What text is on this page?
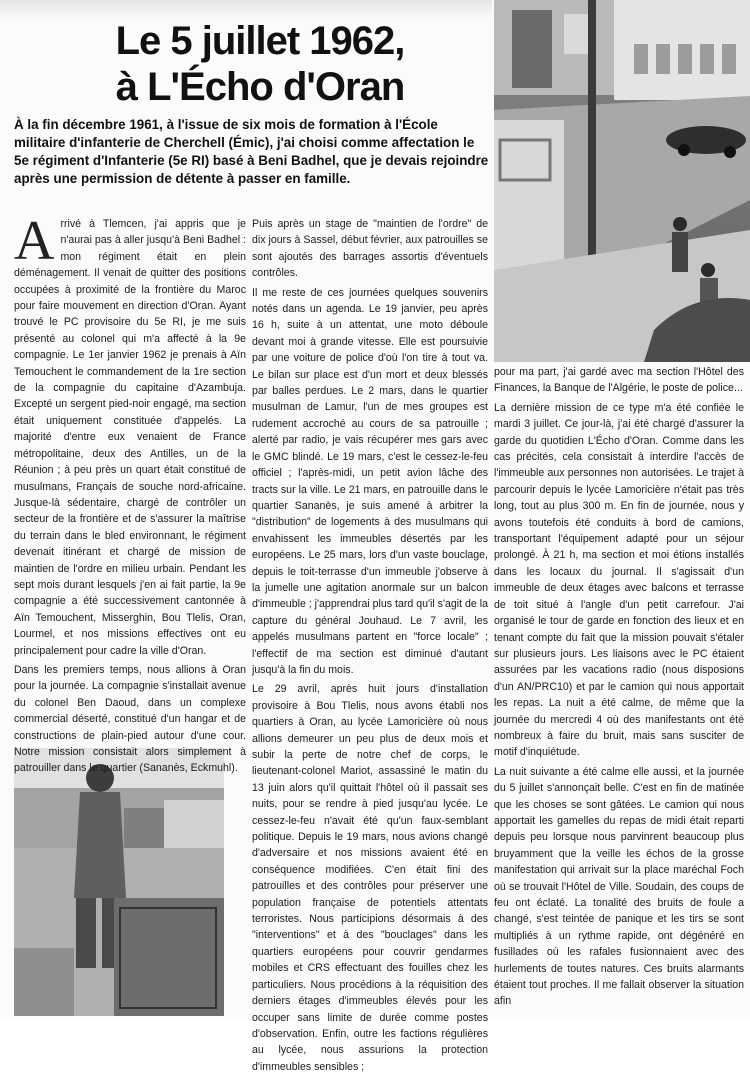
Le 5 juillet 1962,
à L'Écho d'Oran

À la fin décembre 1961, à l'issue de six mois de formation à l'École militaire d'infanterie de Cherchell (Émic), j'ai choisi comme affectation le 5e régiment d'Infanterie (5e RI) basé à Beni Badhel, que je devais rejoindre après une permission de détente à passer en famille.

A rrivé à Tlemcen, j'ai appris que je n'aurai pas à aller jusqu'à Beni Badhel : mon régiment était en plein déménagement. Il venait de quitter des positions occupées à proximité de la frontière du Maroc pour faire mouvement en direction d'Oran. Ayant trouvé le PC provisoire du 5e RI, je me suis présenté au colonel qui m'a affecté à la 9e compagnie. Le 1er janvier 1962 je prenais à Aïn Temouchent le commandement de la 1re section de la compagnie du capitaine d'Azambuja. Excepté un sergent pied-noir engagé, ma section était uniquement constituée d'appelés. La majorité d'entre eux venaient de France métropolitaine, deux des Antilles, un de la Réunion ; à peu près un quart était constitué de musulmans, Français de souche nord-africaine. Jusque-là sédentaire, chargé de contrôler un secteur de la frontière et de s'assurer la maîtrise du terrain dans le bled environnant, le régiment devenait itinérant et chargé de mission de maintien de l'ordre en milieu urbain. Pendant les sept mois durant lesquels j'en ai fait partie, la 9e compagnie a été successivement cantonnée à Aïn Temouchent, Misserghin, Bou Tlelis, Oran, Lourmel, et nos missions effectives ont eu principalement pour cadre la ville d'Oran.

Dans les premiers temps, nous allions à Oran pour la journée. La compagnie s'installait avenue du colonel Ben Daoud, dans un complexe commercial déserté, constitué d'un hangar et de constructions de plain-pied autour d'une cour. Notre mission consistait alors simplement à patrouiller dans le quartier (Sananès, Eckmuhl).

Puis après un stage de "maintien de l'ordre" de dix jours à Sassel, début février, aux patrouilles se sont ajoutés des barrages assortis d'éventuels contrôles.

Il me reste de ces journées quelques souvenirs notés dans un agenda. Le 19 janvier, peu après 16 h, suite à un attentat, une moto déboule devant moi à grande vitesse. Elle est poursuivie par une voiture de police d'où l'on tire à tout va. Le bilan sur place est d'un mort et deux blessés par balles perdues. Le 2 mars, dans le quartier musulman de Lamur, l'un de mes groupes est rudement accroché au cours de sa patrouille ; alerté par radio, je vais récupérer mes gars avec le GMC blindé. Le 19 mars, c'est le cessez-le-feu officiel ; l'après-midi, un petit avion lâche des tracts sur la ville. Le 21 mars, en patrouille dans le quartier Sananès, je suis amené à arbitrer la "distribution" de logements à des musulmans qui envahissent les immeubles désertés par les européens. Le 25 mars, lors d'un vaste bouclage, depuis le toit-terrasse d'un immeuble j'observe à la jumelle une agitation anormale sur un balcon d'immeuble ; j'apprendrai plus tard qu'il s'agit de la capture du général Jouhaud. Le 7 avril, les appelés musulmans partent en "force locale" ; l'effectif de ma section est diminué d'autant jusqu'à la fin du mois.

Le 29 avril, après huit jours d'installation provisoire à Bou Tlelis, nous avons établi nos quartiers à Oran, au lycée Lamoricière où nous allions demeurer un peu plus de deux mois et subir la perte de notre chef de corps, le lieutenant-colonel Mariot, assassiné le matin du 13 juin alors qu'il quittait l'hôtel où il passait ses nuits, pour se rendre à pied jusqu'au lycée. Le cessez-le-feu n'avait été qu'un faux-semblant politique. Depuis le 19 mars, nous avions changé d'adversaire et nos missions avaient été en conséquence modifiées. C'en était fini des patrouilles et des contrôles pour préserver une population française de potentiels attentats terroristes. Nous participions désormais à des "interventions" et à des "bouclages" dans les quartiers européens pour couvrir gendarmes mobiles et CRS effectuant des fouilles chez les particuliers. Nous procédions à la réquisition des derniers étages d'immeubles élevés pour les occuper sans limite de durée comme postes d'observation. Enfin, outre les factions régulières au lycée, nous assurions la protection d'immeubles sensibles ;

pour ma part, j'ai gardé avec ma section l'Hôtel des Finances, la Banque de l'Algérie, le poste de police...

La dernière mission de ce type m'a été confiée le mardi 3 juillet. Ce jour-là, j'ai été chargé d'assurer la garde du quotidien L'Écho d'Oran. Comme dans les cas précités, cela consistait à interdire l'accès de l'immeuble aux personnes non autorisées. Le trajet à parcourir depuis le lycée Lamoricière n'était pas très long, tout au plus 300 m. En fin de journée, nous y avons toutefois été conduits à bord de camions, transportant l'équipement adapté pour un séjour prolongé. À 21 h, ma section et moi étions installés dans les locaux du journal. Il s'agissait d'un immeuble de deux étages avec balcons et terrasse de toit situé à l'angle d'un petit carrefour. J'ai organisé le tour de garde en fonction des lieux et en tenant compte du fait que la mission pouvait s'étaler sur plusieurs jours. Les liaisons avec le PC étaient assurées par les vacations radio (nous disposions d'un AN/PRC10) et par le camion qui nous apportait les repas. La nuit a été calme, de même que la journée du mercredi 4 où des manifestants ont été nombreux à faire du bruit, mais sans susciter de motif d'inquiétude.

La nuit suivante a été calme elle aussi, et la journée du 5 juillet s'annonçait belle. C'est en fin de matinée que les choses se sont gâtées. Le camion qui nous apportait les gamelles du repas de midi était reparti depuis peu lorsque nous parvinrent beaucoup plus bruyamment que la veille les échos de la grosse manifestation qui arrivait sur la place maréchal Foch où se trouvait l'Hôtel de Ville. Soudain, des coups de feu ont éclaté. La tonalité des bruits de foule a changé, s'est teintée de panique et les tirs se sont multipliés à un rythme rapide, ont dégénéré en fusillades où les rafales fusionnaient avec des hurlements de toutes natures. Ces bruits alarmants étaient tout proches. Il me fallait observer la situation afin
